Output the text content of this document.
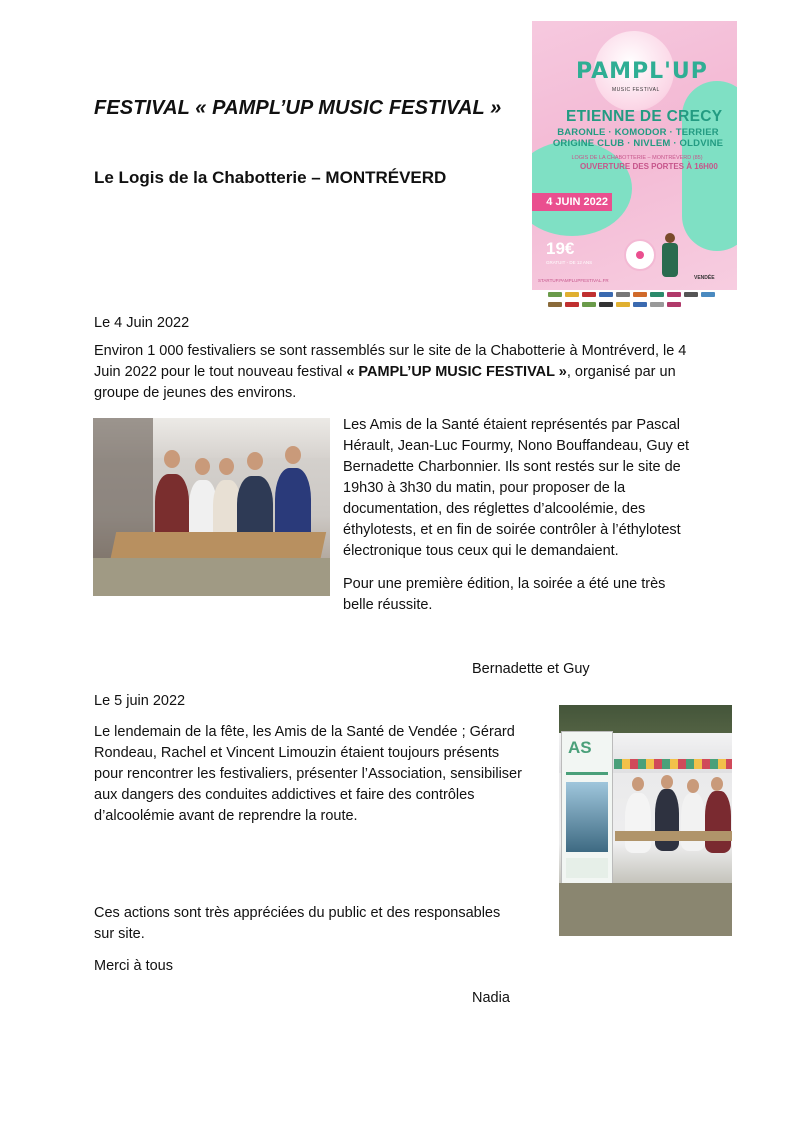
FESTIVAL « PAMPL’UP MUSIC FESTIVAL »
Le Logis de la Chabotterie – MONTRÉVERD
PAMPL'UP
MUSIC FESTIVAL
ETIENNE DE CRECY
BARONLE · KOMODOR · TERRIER
ORIGINE CLUB · NIVLEM · OLDVINE
LOGIS DE LA CHABOTTERIE – MONTRÉVERD (85)
OUVERTURE DES PORTES À 16H00
4 JUIN 2022
19€
GRATUIT - DE 12 ANS
STARTUP.PAMPLUPFESTIVAL.FR	VENDÉE
Le 4 Juin 2022
Environ 1 000 festivaliers se sont rassemblés sur le site de la Chabotterie à Montréverd, le 4 Juin 2022 pour le tout nouveau festival « PAMPL’UP MUSIC FESTIVAL », organisé par un groupe de jeunes des environs.
Les Amis de la Santé étaient représentés par Pascal Hérault, Jean-Luc Fourmy, Nono Bouffandeau, Guy et Bernadette Charbonnier. Ils sont restés sur le site de 19h30 à 3h30 du matin, pour proposer de la documentation, des réglettes d’alcoolémie, des éthylotests, et en fin de soirée contrôler à l’éthylotest électronique tous ceux qui le demandaient.
Pour une première édition, la soirée a été une très belle réussite.
Bernadette et Guy
Le 5 juin 2022
Le lendemain de la fête, les Amis de la Santé de Vendée ; Gérard Rondeau, Rachel et Vincent Limouzin étaient toujours présents pour rencontrer les festivaliers, présenter l’Association, sensibiliser aux dangers des conduites addictives et faire des contrôles d’alcoolémie avant de reprendre la route.
AS
Ces actions sont très appréciées du public et des responsables sur site.
Merci à tous
Nadia
